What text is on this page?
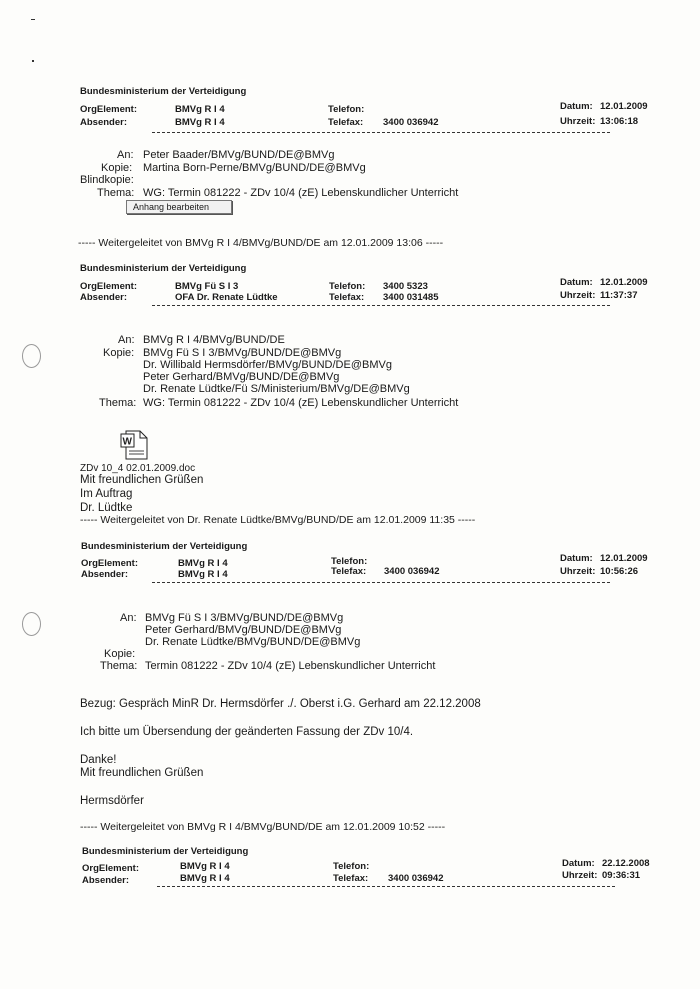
Bundesministerium der Verteidigung
OrgElement:	BMVg R I 4
Absender:	BMVg R I 4
Telefon:
Telefax: 3400 036942
Datum: 12.01.2009
Uhrzeit: 13:06:18
An: Peter Baader/BMVg/BUND/DE@BMVg
Kopie: Martina Born-Perne/BMVg/BUND/DE@BMVg
Blindkopie:
Thema: WG: Termin 081222 - ZDv 10/4 (zE) Lebenskundlicher Unterricht
Anhang bearbeiten
----- Weitergeleitet von BMVg R I 4/BMVg/BUND/DE am 12.01.2009 13:06 -----
Bundesministerium der Verteidigung
OrgElement:	BMVg Fü S I 3
Absender:	OFA Dr. Renate Lüdtke
Telefon: 3400 5323
Telefax: 3400 031485
Datum: 12.01.2009
Uhrzeit: 11:37:37
An: BMVg R I 4/BMVg/BUND/DE
Kopie: BMVg Fü S I 3/BMVg/BUND/DE@BMVg
Dr. Willibald Hermsdörfer/BMVg/BUND/DE@BMVg
Peter Gerhard/BMVg/BUND/DE@BMVg
Dr. Renate Lüdtke/Fü S/Ministerium/BMVg/DE@BMVg
Thema: WG: Termin 081222 - ZDv 10/4 (zE) Lebenskundlicher Unterricht
W
ZDv 10_4 02.01.2009.doc
Mit freundlichen Grüßen
Im Auftrag
Dr. Lüdtke
----- Weitergeleitet von Dr. Renate Lüdtke/BMVg/BUND/DE am 12.01.2009 11:35 -----
Bundesministerium der Verteidigung
OrgElement:	BMVg R I 4
Absender:	BMVg R I 4
Telefon:
Telefax: 3400 036942
Datum: 12.01.2009
Uhrzeit: 10:56:26
An: BMVg Fü S I 3/BMVg/BUND/DE@BMVg
Peter Gerhard/BMVg/BUND/DE@BMVg
Dr. Renate Lüdtke/BMVg/BUND/DE@BMVg
Kopie:
Thema: Termin 081222 - ZDv 10/4 (zE) Lebenskundlicher Unterricht
Bezug: Gespräch MinR Dr. Hermsdörfer ./. Oberst i.G. Gerhard am 22.12.2008
Ich bitte um Übersendung der geänderten Fassung der ZDv 10/4.
Danke!
Mit freundlichen Grüßen
Hermsdörfer
----- Weitergeleitet von BMVg R I 4/BMVg/BUND/DE am 12.01.2009 10:52 -----
Bundesministerium der Verteidigung
OrgElement:	BMVg R I 4
Absender:	BMVg R I 4
Telefon:
Telefax: 3400 036942
Datum: 22.12.2008
Uhrzeit: 09:36:31
